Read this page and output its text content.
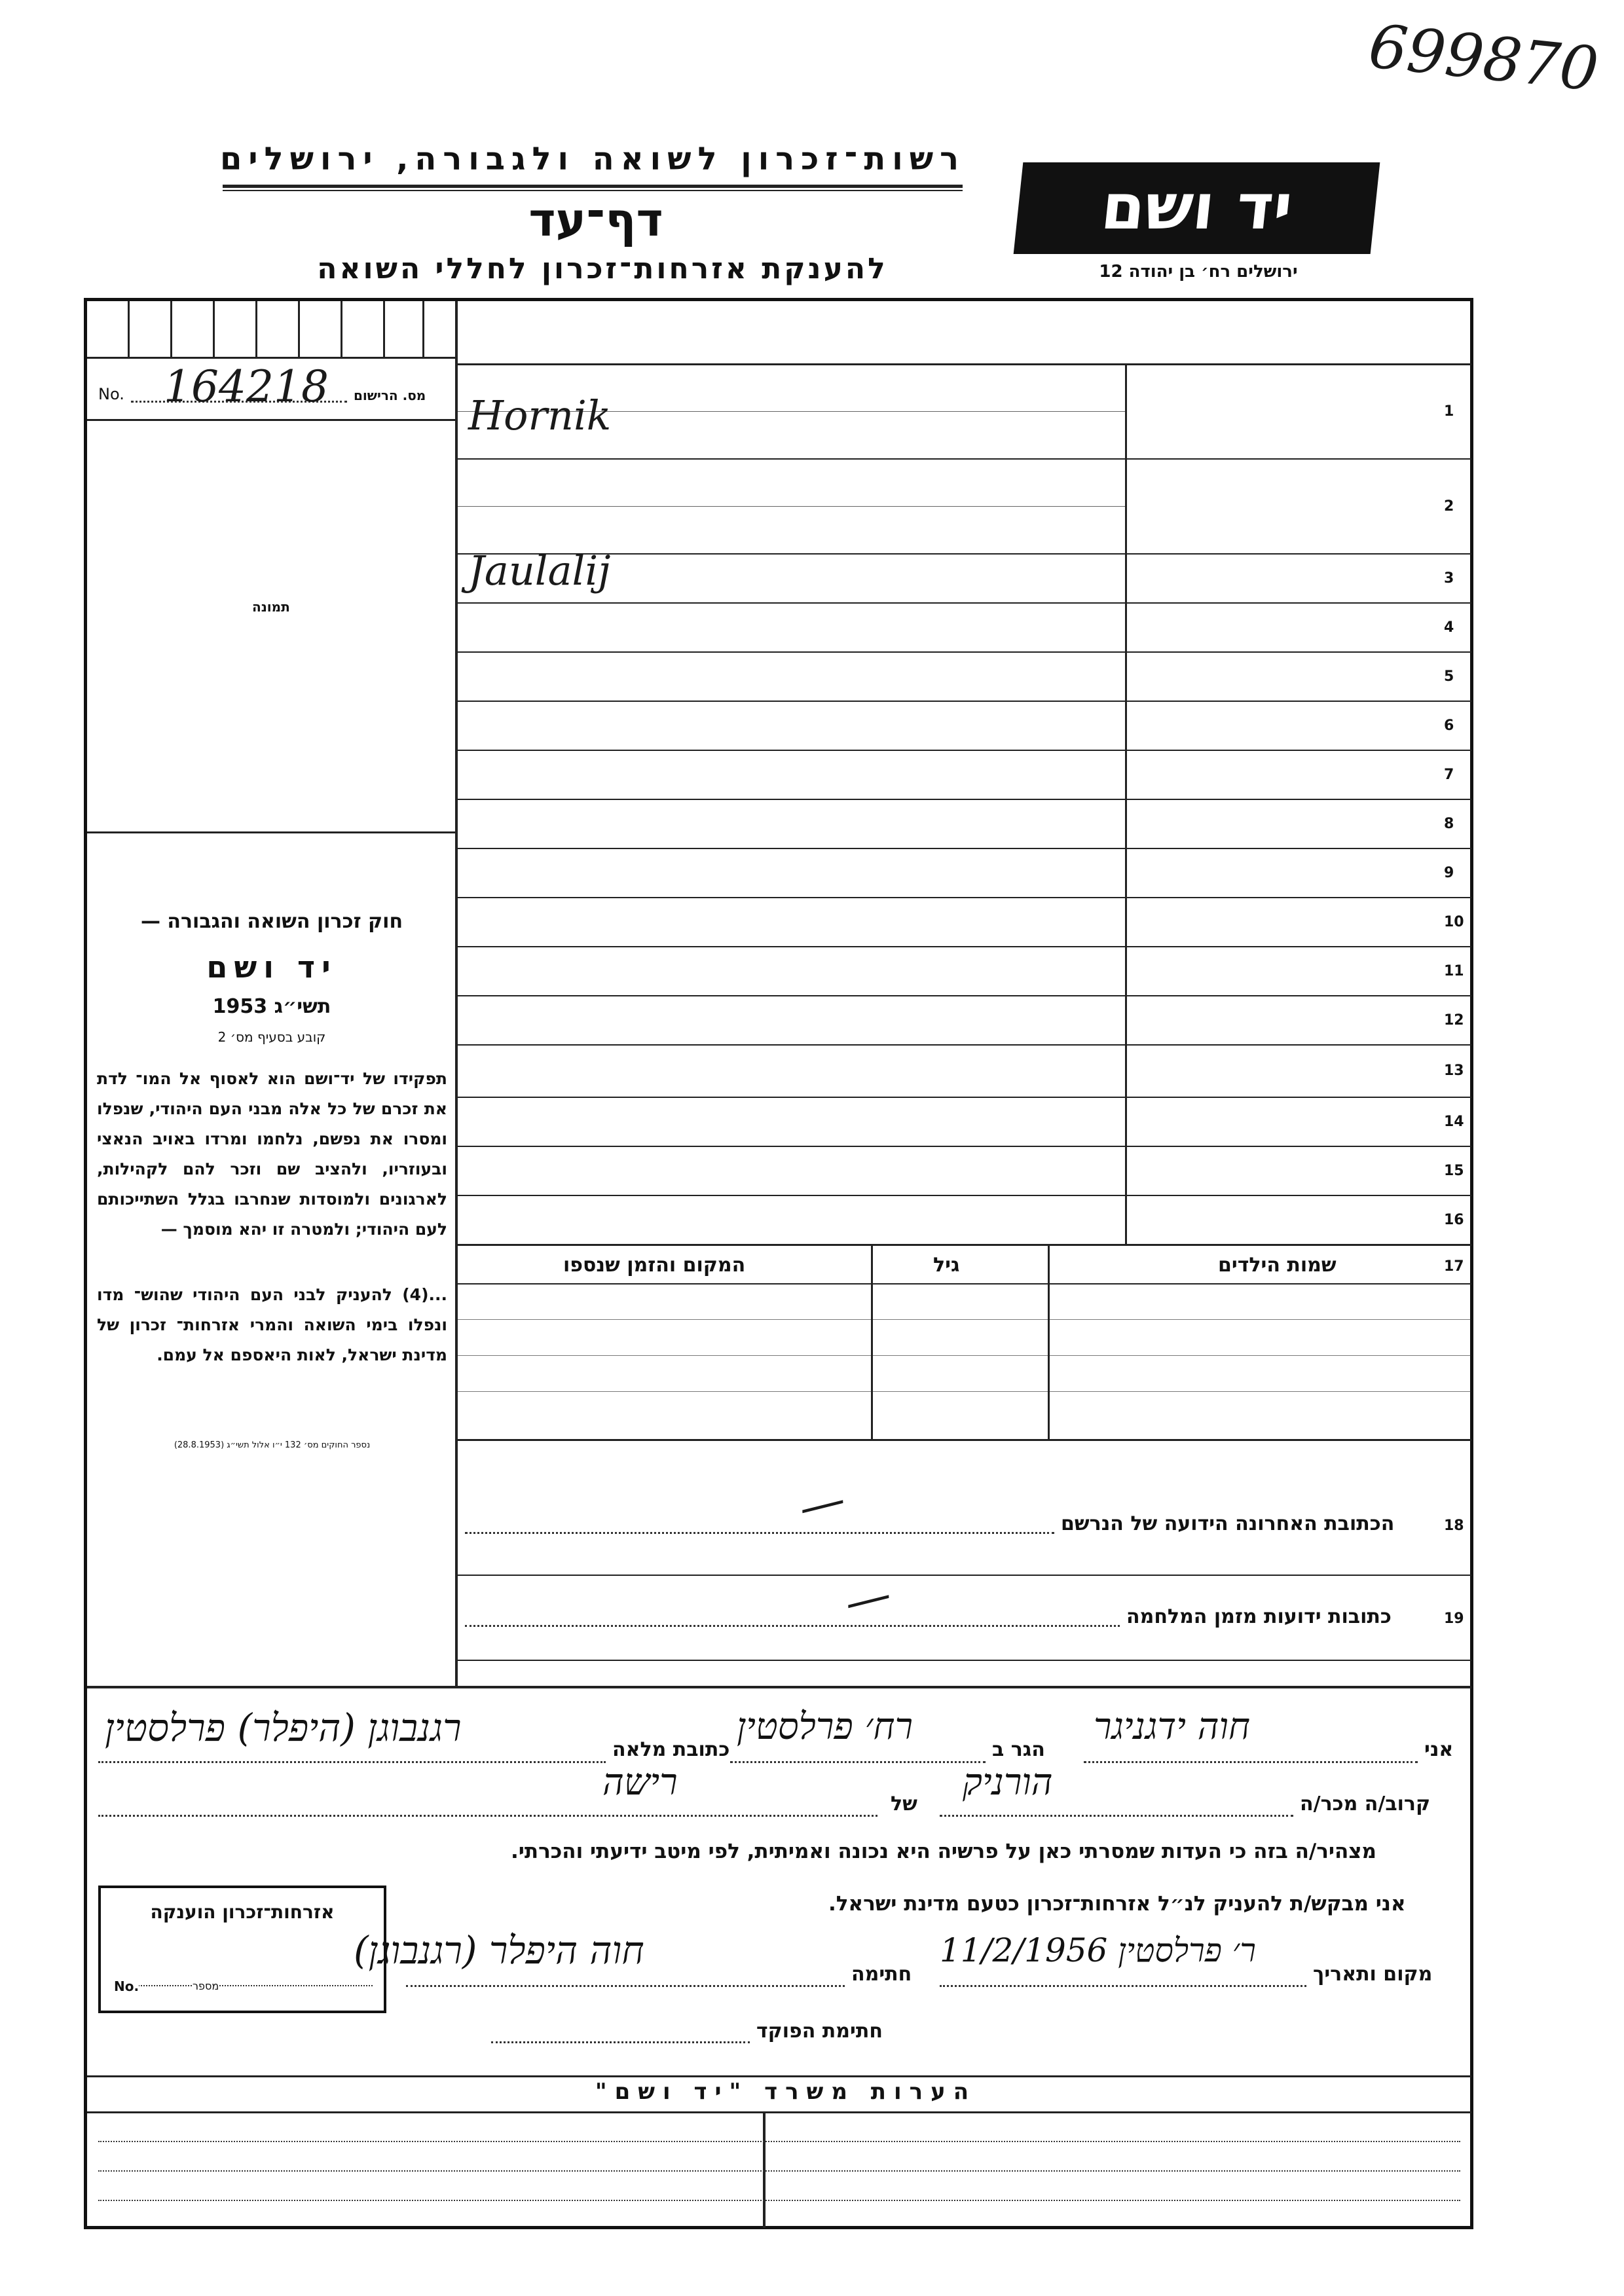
699870
רשות־זכרון לשואה ולגבורה, ירושלים
דף־עד
להענקת אזרחות־זכרון לחללי השואה
יד ושם
ירושלים רח׳ בן יהודה 12
No. 164218 מס. הרישום
תמונה
חוק זכרון השואה והגבורה —
יד ושם
תשי״ג 1953
קובע בסעיף מס׳ 2
תפקידו של יד־ושם הוא לאסוף אל המו־ לדת את זכרם של כל אלה מבני העם היהודי, שנפלו ומסרו את נפשם, נלחמו ומרדו באויב הנאצי ובעוזריו, ולהציב שם וזכר להם לקהילות, לארגונים ולמוסדות שנחרבו בגלל השתייכותם לעם היהודי; ולמטרה זו יהא מוסמך —
...(4) להעניק לבני העם היהודי שהוש־ מדו ונפלו בימי השואה והמרי אזרחות־ זכרון של מדינת ישראל, לאות היאספם אל עמם.
נספר החוקים מס׳ 132 י״ו אלול תשי״ג (28.8.1953)
1
Hornik
2
3
Jaulalij
4
5
6
7
8
9
10
11
12
13
14
15
16
17
שמות הילדים
גיל
המקום והזמן שנספו
18
הכתובת האחרונה הידועה של הנרשם
—
19
כתובות ידועות מזמן המלחמה
—
אני
חוה ידגניגר
הגר ב
רח׳ פרלסטין
כתובת מלאה
רגנבוגן (היפלר) פרלסטין
קרוב/ה מכר/ה
הורניק
של
רישה
מצהיר/ה בזה כי העדות שמסרתי כאן על פרשיה היא נכונה ואמיתית, לפי מיטב ידיעתי והכרתי.
אני מבקש/ת להעניק לנ״ל אזרחות־זכרון כטעם מדינת ישראל.
אזרחות־זכרון הוענקה
No.	מספר
מקום ותאריך
ר׳ פרלסטין 11/2/1956
חתימה
חוה היפלר (רגנבוגן)
חתימת הפוקד
הערות משרד "יד ושם"
